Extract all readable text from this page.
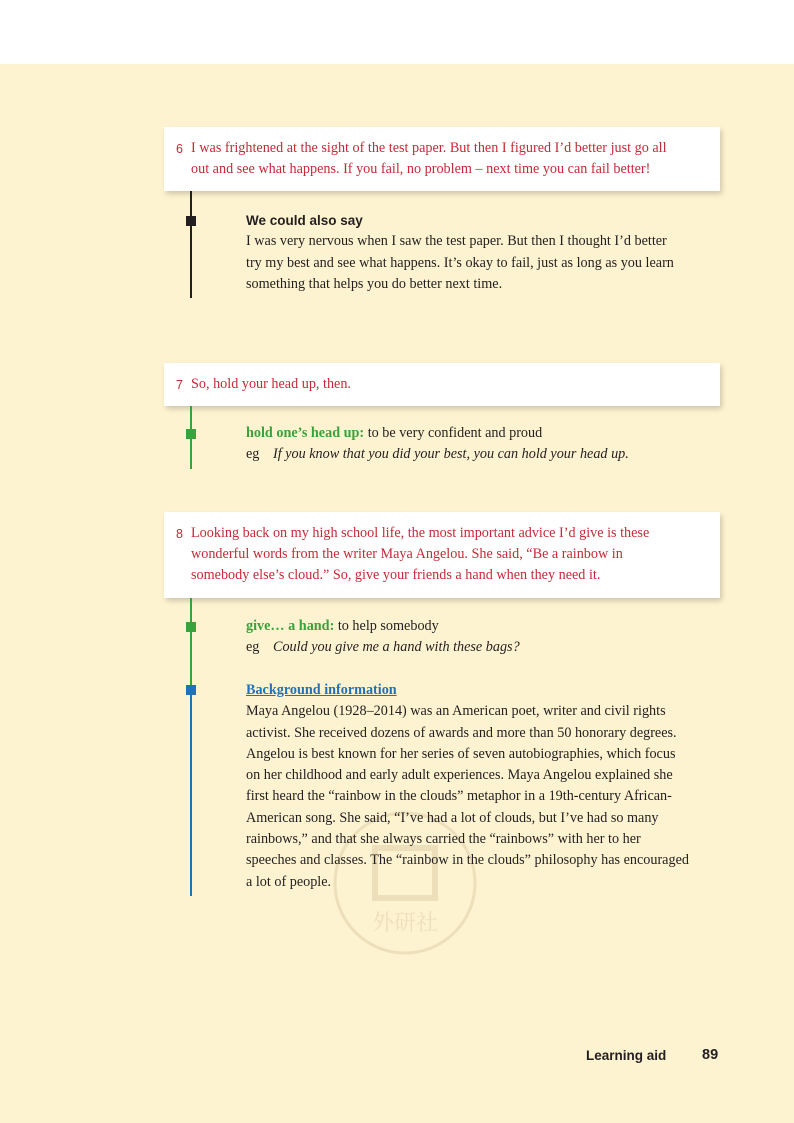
6 I was frightened at the sight of the test paper. But then I figured I’d better just go all
out and see what happens. If you fail, no problem – next time you can fail better!
We could also say
I was very nervous when I saw the test paper. But then I thought I’d better
try my best and see what happens. It’s okay to fail, just as long as you learn
something that helps you do better next time.
7 So, hold your head up, then.
hold one’s head up: to be very confident and proud
eg If you know that you did your best, you can hold your head up.
8 Looking back on my high school life, the most important advice I’d give is these
wonderful words from the writer Maya Angelou. She said, “Be a rainbow in
somebody else’s cloud.” So, give your friends a hand when they need it.
give… a hand: to help somebody
eg Could you give me a hand with these bags?
外研社
Background information
Maya Angelou (1928–2014) was an American poet, writer and civil rights
activist. She received dozens of awards and more than 50 honorary degrees.
Angelou is best known for her series of seven autobiographies, which focus
on her childhood and early adult experiences. Maya Angelou explained she
first heard the “rainbow in the clouds” metaphor in a 19th-century African-
American song. She said, “I’ve had a lot of clouds, but I’ve had so many
rainbows,” and that she always carried the “rainbows” with her to her
speeches and classes. The “rainbow in the clouds” philosophy has encouraged
a lot of people.
Learning aid 89
